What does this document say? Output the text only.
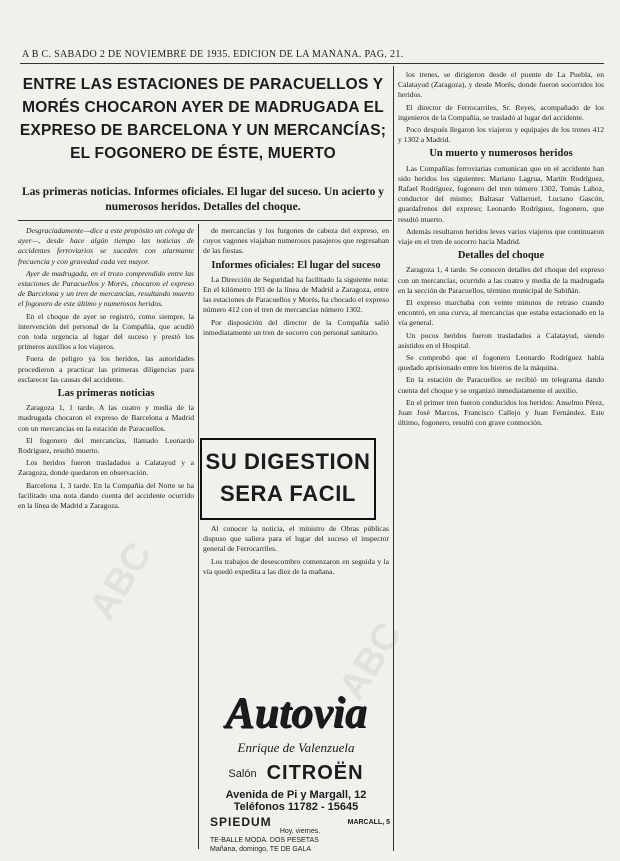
A B C. SABADO 2 DE NOVIEMBRE DE 1935. EDICION DE LA MAÑANA. PAG. 21.
ENTRE LAS ESTACIONES DE PARACUELLOS Y MORÉS CHOCARON AYER DE MADRUGADA EL EXPRESO DE BARCELONA Y UN MERCANCÍAS; EL FOGONERO DE ÉSTE, MUERTO
Las primeras noticias. Informes oficiales. El lugar del suceso. Un acierto y numerosos heridos. Detalles del choque.

Desgraciadamente—dice a este propósito un colega de ayer—, desde hace algún tiempo las noticias de accidentes ferroviarios se suceden con alarmante frecuencia y con gravedad cada vez mayor.

Ayer de madrugada, en el trozo comprendido entre las estaciones de Paracuellos y Morés, chocaron el expreso de Barcelona y un tren de mercancías, resultando muerto el fogonero de este último y numerosos heridos.

En el choque de ayer se registró, como siempre, la intervención del personal de la Compañía, que acudió con toda urgencia al lugar del suceso y prestó los primeros auxilios a los viajeros.

Fuera de peligro ya los heridos, las autoridades procedieron a practicar las primeras diligencias para esclarecer las causas del accidente.

Las primeras noticias

Zaragoza 1, 1 tarde. A las cuatro y media de la madrugada chocaron el expreso de Barcelona a Madrid con un mercancías en la estación de Paracuellos.

El fogonero del mercancías, llamado Leonardo Rodríguez, resultó muerto.

Los heridos fueron trasladados a Calatayud y a Zaragoza, donde quedaron en observación.

Barcelona 1, 3 tarde. En la Compañía del Norte se ha facilitado una nota dando cuenta del accidente ocurrido en la línea de Madrid a Zaragoza.

de mercancías y los furgones de cabeza del expreso, en cuyos vagones viajaban numerosos pasajeros que regresaban de las fiestas.

Informes oficiales: El lugar del suceso

La Dirección de Seguridad ha facilitado la siguiente nota: En el kilómetro 193 de la línea de Madrid a Zaragoza, entre las estaciones de Paracuellos y Morés, ha chocado el expreso número 412 con el tren de mercancías número 1302.

Por disposición del director de la Compañía salió inmediatamente un tren de socorro con personal sanitario.

SU DIGESTION
SERA FACIL

Al conocer la noticia, el ministro de Obras públicas dispuso que saliera para el lugar del suceso el inspector general de Ferrocarriles.

Los trabajos de desescombro comenzaron en seguida y la vía quedó expedita a las diez de la mañana.

Autovia
Enrique de Valenzuela
Salón CITROËN
Avenida de Pi y Margall, 12
Teléfonos 11782 - 15645
SPIEDUM	MARCALL, 5
Hoy, viernes.
TE-BALLE MODA. DOS PESETAS
Mañana, domingo, TE DE GALA

los trenes, se dirigieron desde el puente de La Puebla, en Calatayud (Zaragoza), y desde Morés, donde fueron socorridos los heridos.

El director de Ferrocarriles, Sr. Reyes, acompañado de los ingenieros de la Compañía, se trasladó al lugar del accidente.

Poco después llegaron los viajeros y equipajes de los trenes 412 y 1302 a Madrid.

Un muerto y numerosos heridos

Las Compañías ferroviarias comunican que en el accidente han sido heridos los siguientes: Mariano Lagrua, Martín Rodríguez, Rafael Rodríguez, fogonero del tren número 1302, Tomás Lahoz, conductor del mismo; Baltasar Vallarruel, Luciano Gascón, guardafrenos del expreso; Leonardo Rodríguez, fogonero, que resultó muerto.

Además resultaron heridos leves varios viajeros que continuaron viaje en el tren de socorro hacia Madrid.

Detalles del choque

Zaragoza 1, 4 tarde. Se conocen detalles del choque del expreso con un mercancías, ocurrido a las cuatro y media de la madrugada en la sección de Paracuellos, término municipal de Sabiñán.

El expreso marchaba con veinte minutos de retraso cuando encontró, en una curva, al mercancías que estaba estacionado en la vía general.

Un pocos heridos fueron trasladados a Calatayud, siendo asistidos en el Hospital.

Se comprobó que el fogonero Leonardo Rodríguez había quedado aprisionado entre los hierros de la máquina.

En la estación de Paracuellos se recibió un telegrama dando cuenta del choque y se organizó inmediatamente el auxilio.

En el primer tren fueron conducidos los heridos: Anselmo Pérez, Juan José Marcos, Francisco Callejo y Juan Fernández. Este último, fogonero, resultó con grave conmoción.

ABC
ABC
